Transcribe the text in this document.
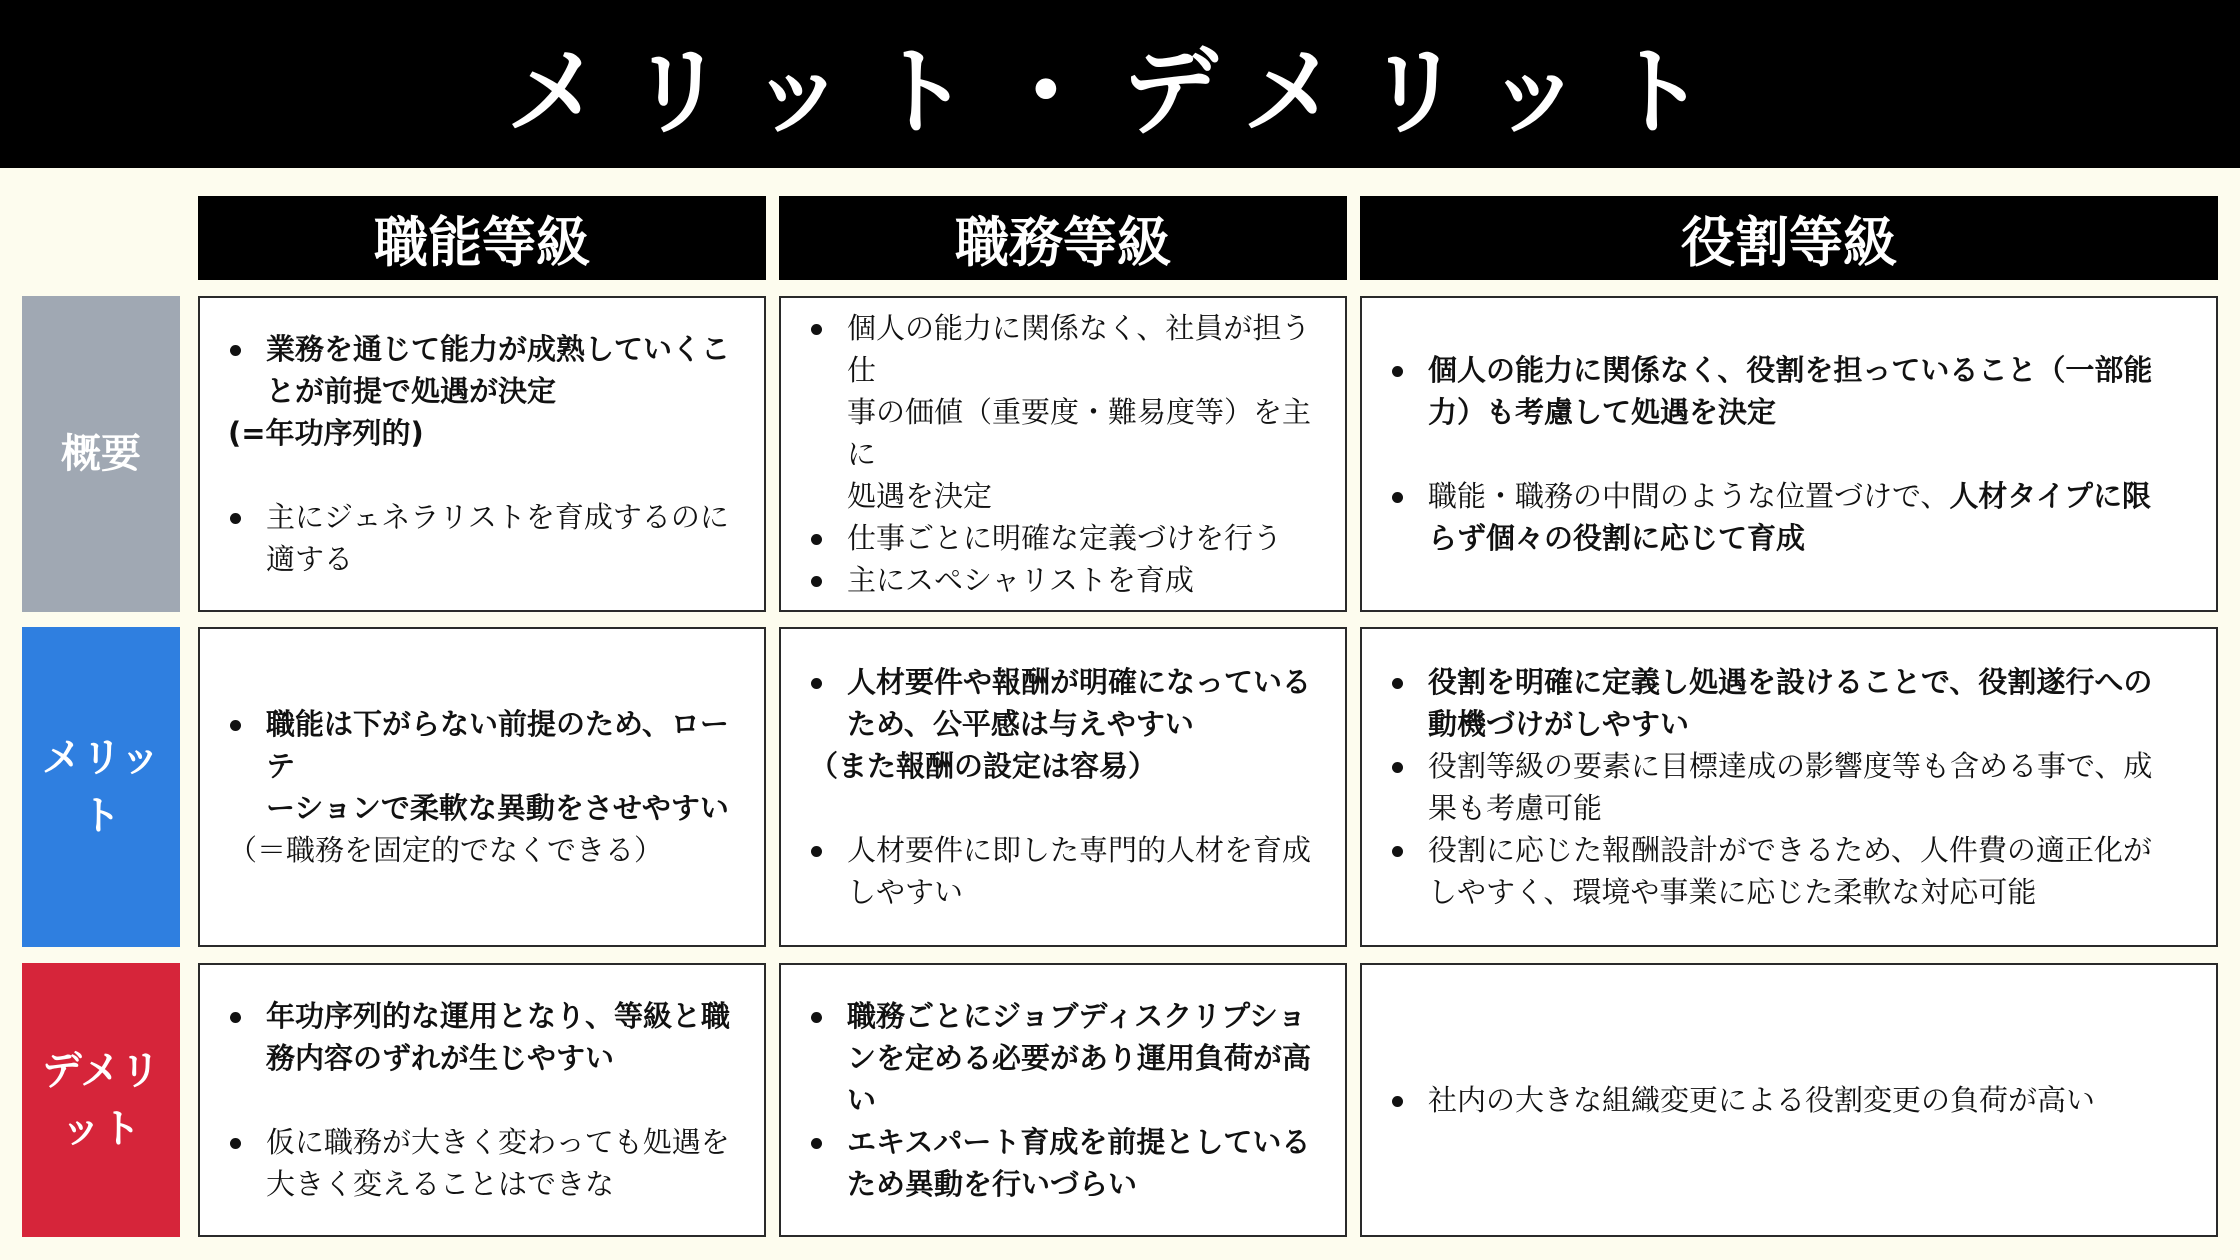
メリット・デメリット
職能等級	職務等級	役割等級
概要
メリッ
ト
デメリ
ット
業務を通じて能力が成熟していくこ
とが前提で処遇が決定
(=年功序列的)
主にジェネラリストを育成するのに
適する
個人の能力に関係なく、社員が担う仕
事の価値（重要度・難易度等）を主に
処遇を決定
仕事ごとに明確な定義づけを行う
主にスペシャリストを育成
個人の能力に関係なく、役割を担っていること（一部能
力）も考慮して処遇を決定
職能・職務の中間のような位置づけで、人材タイプに限
らず個々の役割に応じて育成
職能は下がらない前提のため、ローテ
ーションで柔軟な異動をさせやすい
（＝職務を固定的でなくできる）
人材要件や報酬が明確になっている
ため、公平感は与えやすい
（また報酬の設定は容易）
人材要件に即した専門的人材を育成
しやすい
役割を明確に定義し処遇を設けることで、役割遂行への
動機づけがしやすい
役割等級の要素に目標達成の影響度等も含める事で、成
果も考慮可能
役割に応じた報酬設計ができるため、人件費の適正化が
しやすく、環境や事業に応じた柔軟な対応可能
年功序列的な運用となり、等級と職
務内容のずれが生じやすい
仮に職務が大きく変わっても処遇を
大きく変えることはできな
職務ごとにジョブディスクリプショ
ンを定める必要があり運用負荷が高
い
エキスパート育成を前提としている
ため異動を行いづらい
社内の大きな組織変更による役割変更の負荷が高い
